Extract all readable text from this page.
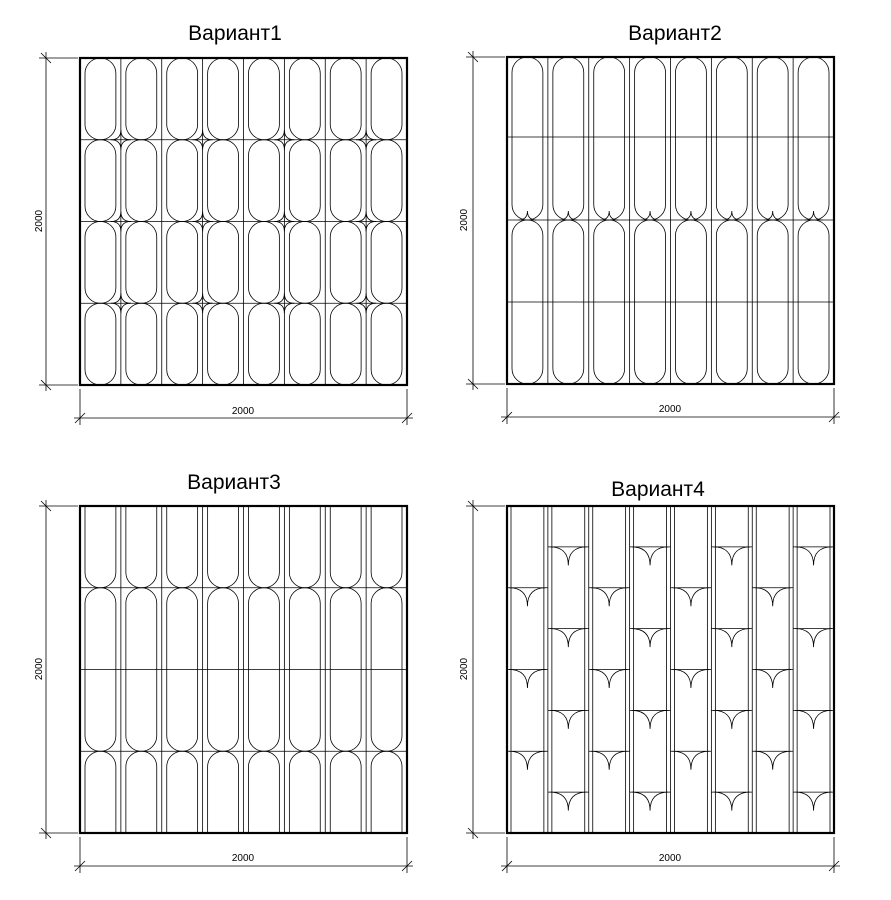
Вариант1
2000
2000
Вариант2
2000
2000
Вариант3
2000
2000
Вариант4
2000
2000
